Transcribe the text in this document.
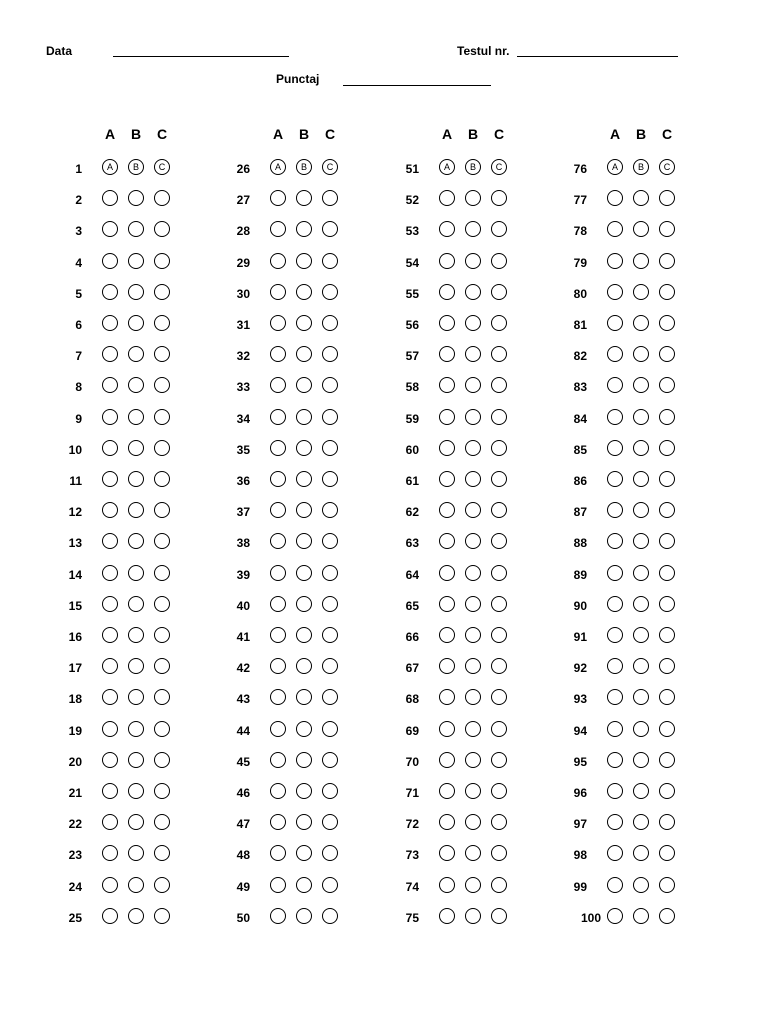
Data	Testul nr.
Punctaj
A	B	C
1	A	B	C
2
3
4
5
6
7
8
9
10
11
12
13
14
15
16
17
18
19
20
21
22
23
24
25
A	B	C
26	A	B	C
27
28
29
30
31
32
33
34
35
36
37
38
39
40
41
42
43
44
45
46
47
48
49
50
A	B	C
51	A	B	C
52
53
54
55
56
57
58
59
60
61
62
63
64
65
66
67
68
69
70
71
72
73
74
75
A	B	C
76	A	B	C
77
78
79
80
81
82
83
84
85
86
87
88
89
90
91
92
93
94
95
96
97
98
99
100
